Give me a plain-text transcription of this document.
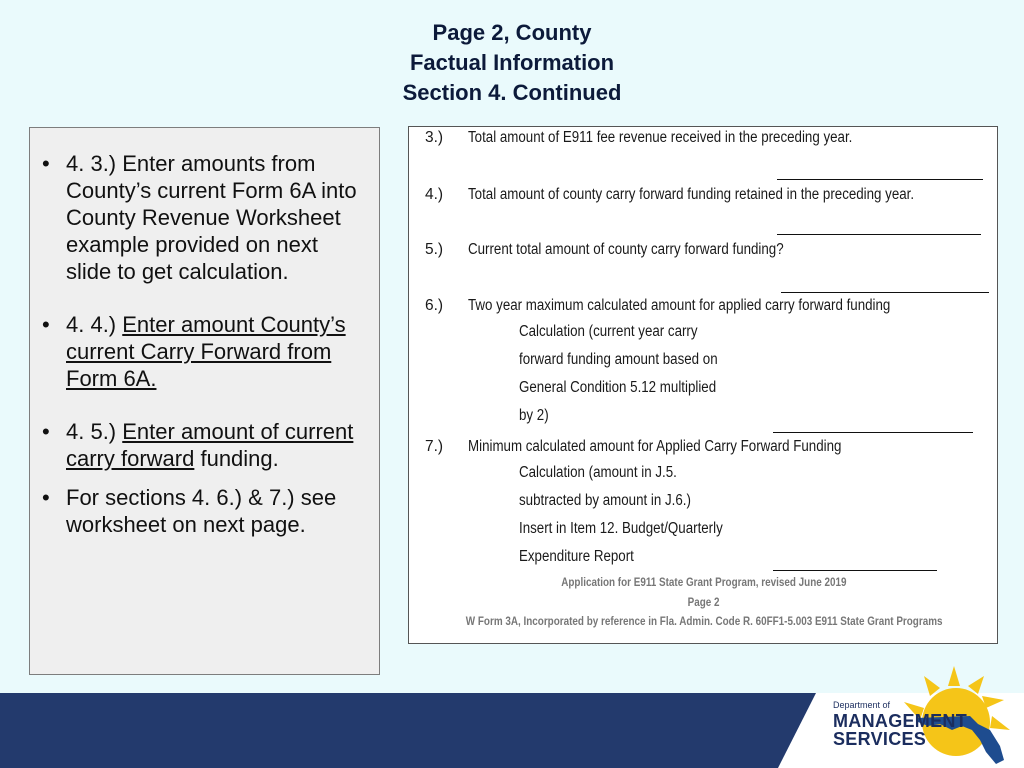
Page 2, County
Factual Information
Section 4. Continued
• 4. 3.) Enter amounts from County’s current Form 6A into County Revenue Worksheet example provided on next slide to get calculation.
• 4. 4.) Enter amount County’s current Carry Forward from Form 6A.
• 4. 5.) Enter amount of current carry forward funding.
• For sections 4. 6.) & 7.) see worksheet on next page.
3.) Total amount of E911 fee revenue received in the preceding year.
4.) Total amount of county carry forward funding retained in the preceding year.
5.) Current total amount of county carry forward funding?
6.) Two year maximum calculated amount for applied carry forward funding
Calculation (current year carry
forward funding amount based on
General Condition 5.12 multiplied
by 2)
7.) Minimum calculated amount for Applied Carry Forward Funding
Calculation (amount in J.5.
subtracted by amount in J.6.)
Insert in Item 12. Budget/Quarterly
Expenditure Report
Application for E911 State Grant Program, revised June 2019
Page 2
W Form 3A, Incorporated by reference in Fla. Admin. Code R. 60FF1-5.003 E911 State Grant Programs
Department of
MANAGEMENT
SERVICES
